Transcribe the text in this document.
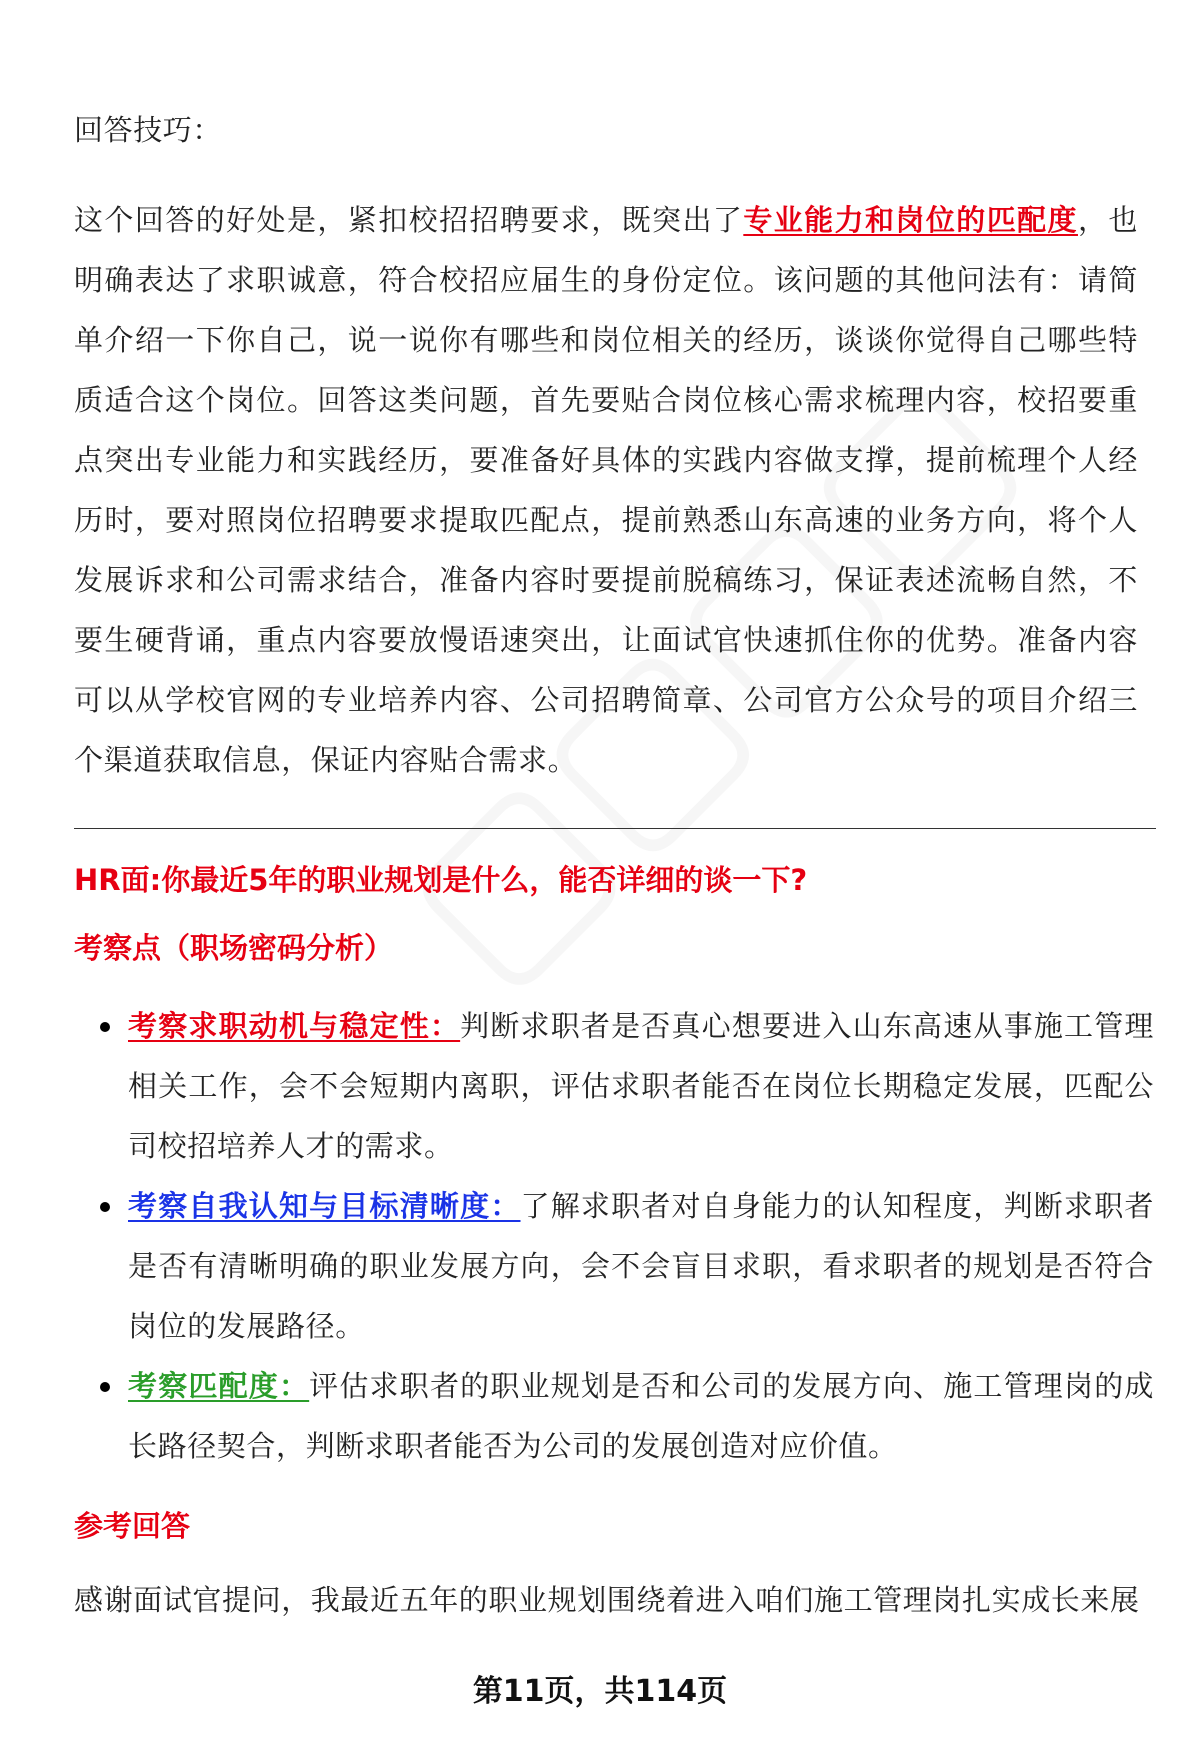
回答技巧：

这个回答的好处是，紧扣校招招聘要求，既突出了专业能力和岗位的匹配度，也明确表达了求职诚意，符合校招应届生的身份定位。该问题的其他问法有：请简单介绍一下你自己，说一说你有哪些和岗位相关的经历，谈谈你觉得自己哪些特质适合这个岗位。回答这类问题，首先要贴合岗位核心需求梳理内容，校招要重点突出专业能力和实践经历，要准备好具体的实践内容做支撑，提前梳理个人经历时，要对照岗位招聘要求提取匹配点，提前熟悉山东高速的业务方向，将个人发展诉求和公司需求结合，准备内容时要提前脱稿练习，保证表述流畅自然，不要生硬背诵，重点内容要放慢语速突出，让面试官快速抓住你的优势。准备内容可以从学校官网的专业培养内容、公司招聘简章、公司官方公众号的项目介绍三个渠道获取信息，保证内容贴合需求。

HR面:你最近5年的职业规划是什么，能否详细的谈一下?

考察点（职场密码分析）

考察求职动机与稳定性：判断求职者是否真心想要进入山东高速从事施工管理相关工作，会不会短期内离职，评估求职者能否在岗位长期稳定发展，匹配公司校招培养人才的需求。
考察自我认知与目标清晰度：了解求职者对自身能力的认知程度，判断求职者是否有清晰明确的职业发展方向，会不会盲目求职，看求职者的规划是否符合岗位的发展路径。
考察匹配度：评估求职者的职业规划是否和公司的发展方向、施工管理岗的成长路径契合，判断求职者能否为公司的发展创造对应价值。

参考回答

感谢面试官提问，我最近五年的职业规划围绕着进入咱们施工管理岗扎实成长来展

第11页，共114页
